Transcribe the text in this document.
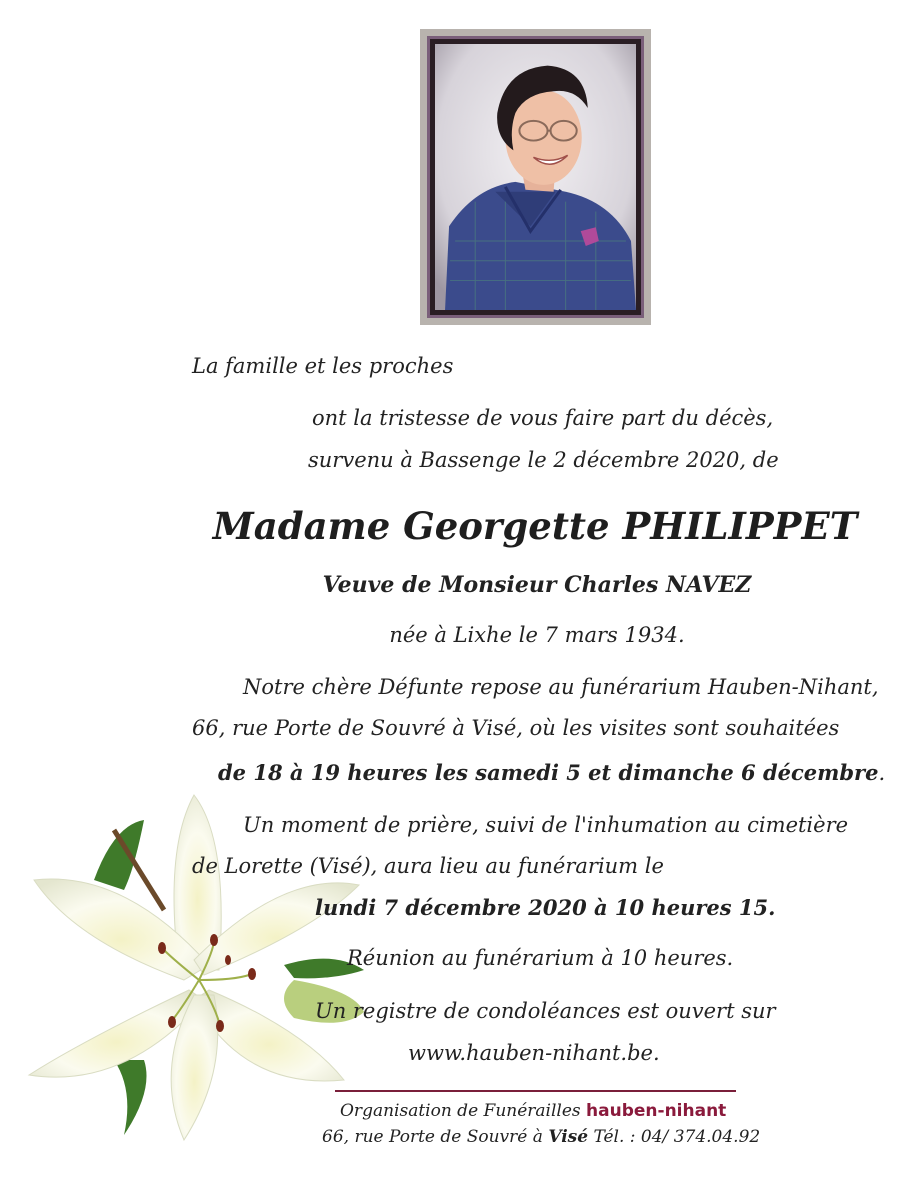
La famille et les proches

ont la tristesse de vous faire part du décès,

survenu à Bassenge le 2 décembre 2020, de

Madame Georgette PHILIPPET

Veuve de Monsieur Charles NAVEZ

née à Lixhe le 7 mars 1934.

Notre chère Défunte repose au funérarium Hauben-Nihant,

66, rue Porte de Souvré à Visé, où les visites sont souhaitées

de 18 à 19 heures les samedi 5 et dimanche 6 décembre.

Un moment de prière, suivi de l'inhumation au cimetière

de Lorette (Visé), aura lieu au funérarium le

lundi 7 décembre 2020 à 10 heures 15.

Réunion au funérarium à 10 heures.

Un registre de condoléances est ouvert sur

www.hauben-nihant.be.

Organisation de Funérailles hauben-nihant

66, rue Porte de Souvré à Visé Tél. : 04/ 374.04.92
